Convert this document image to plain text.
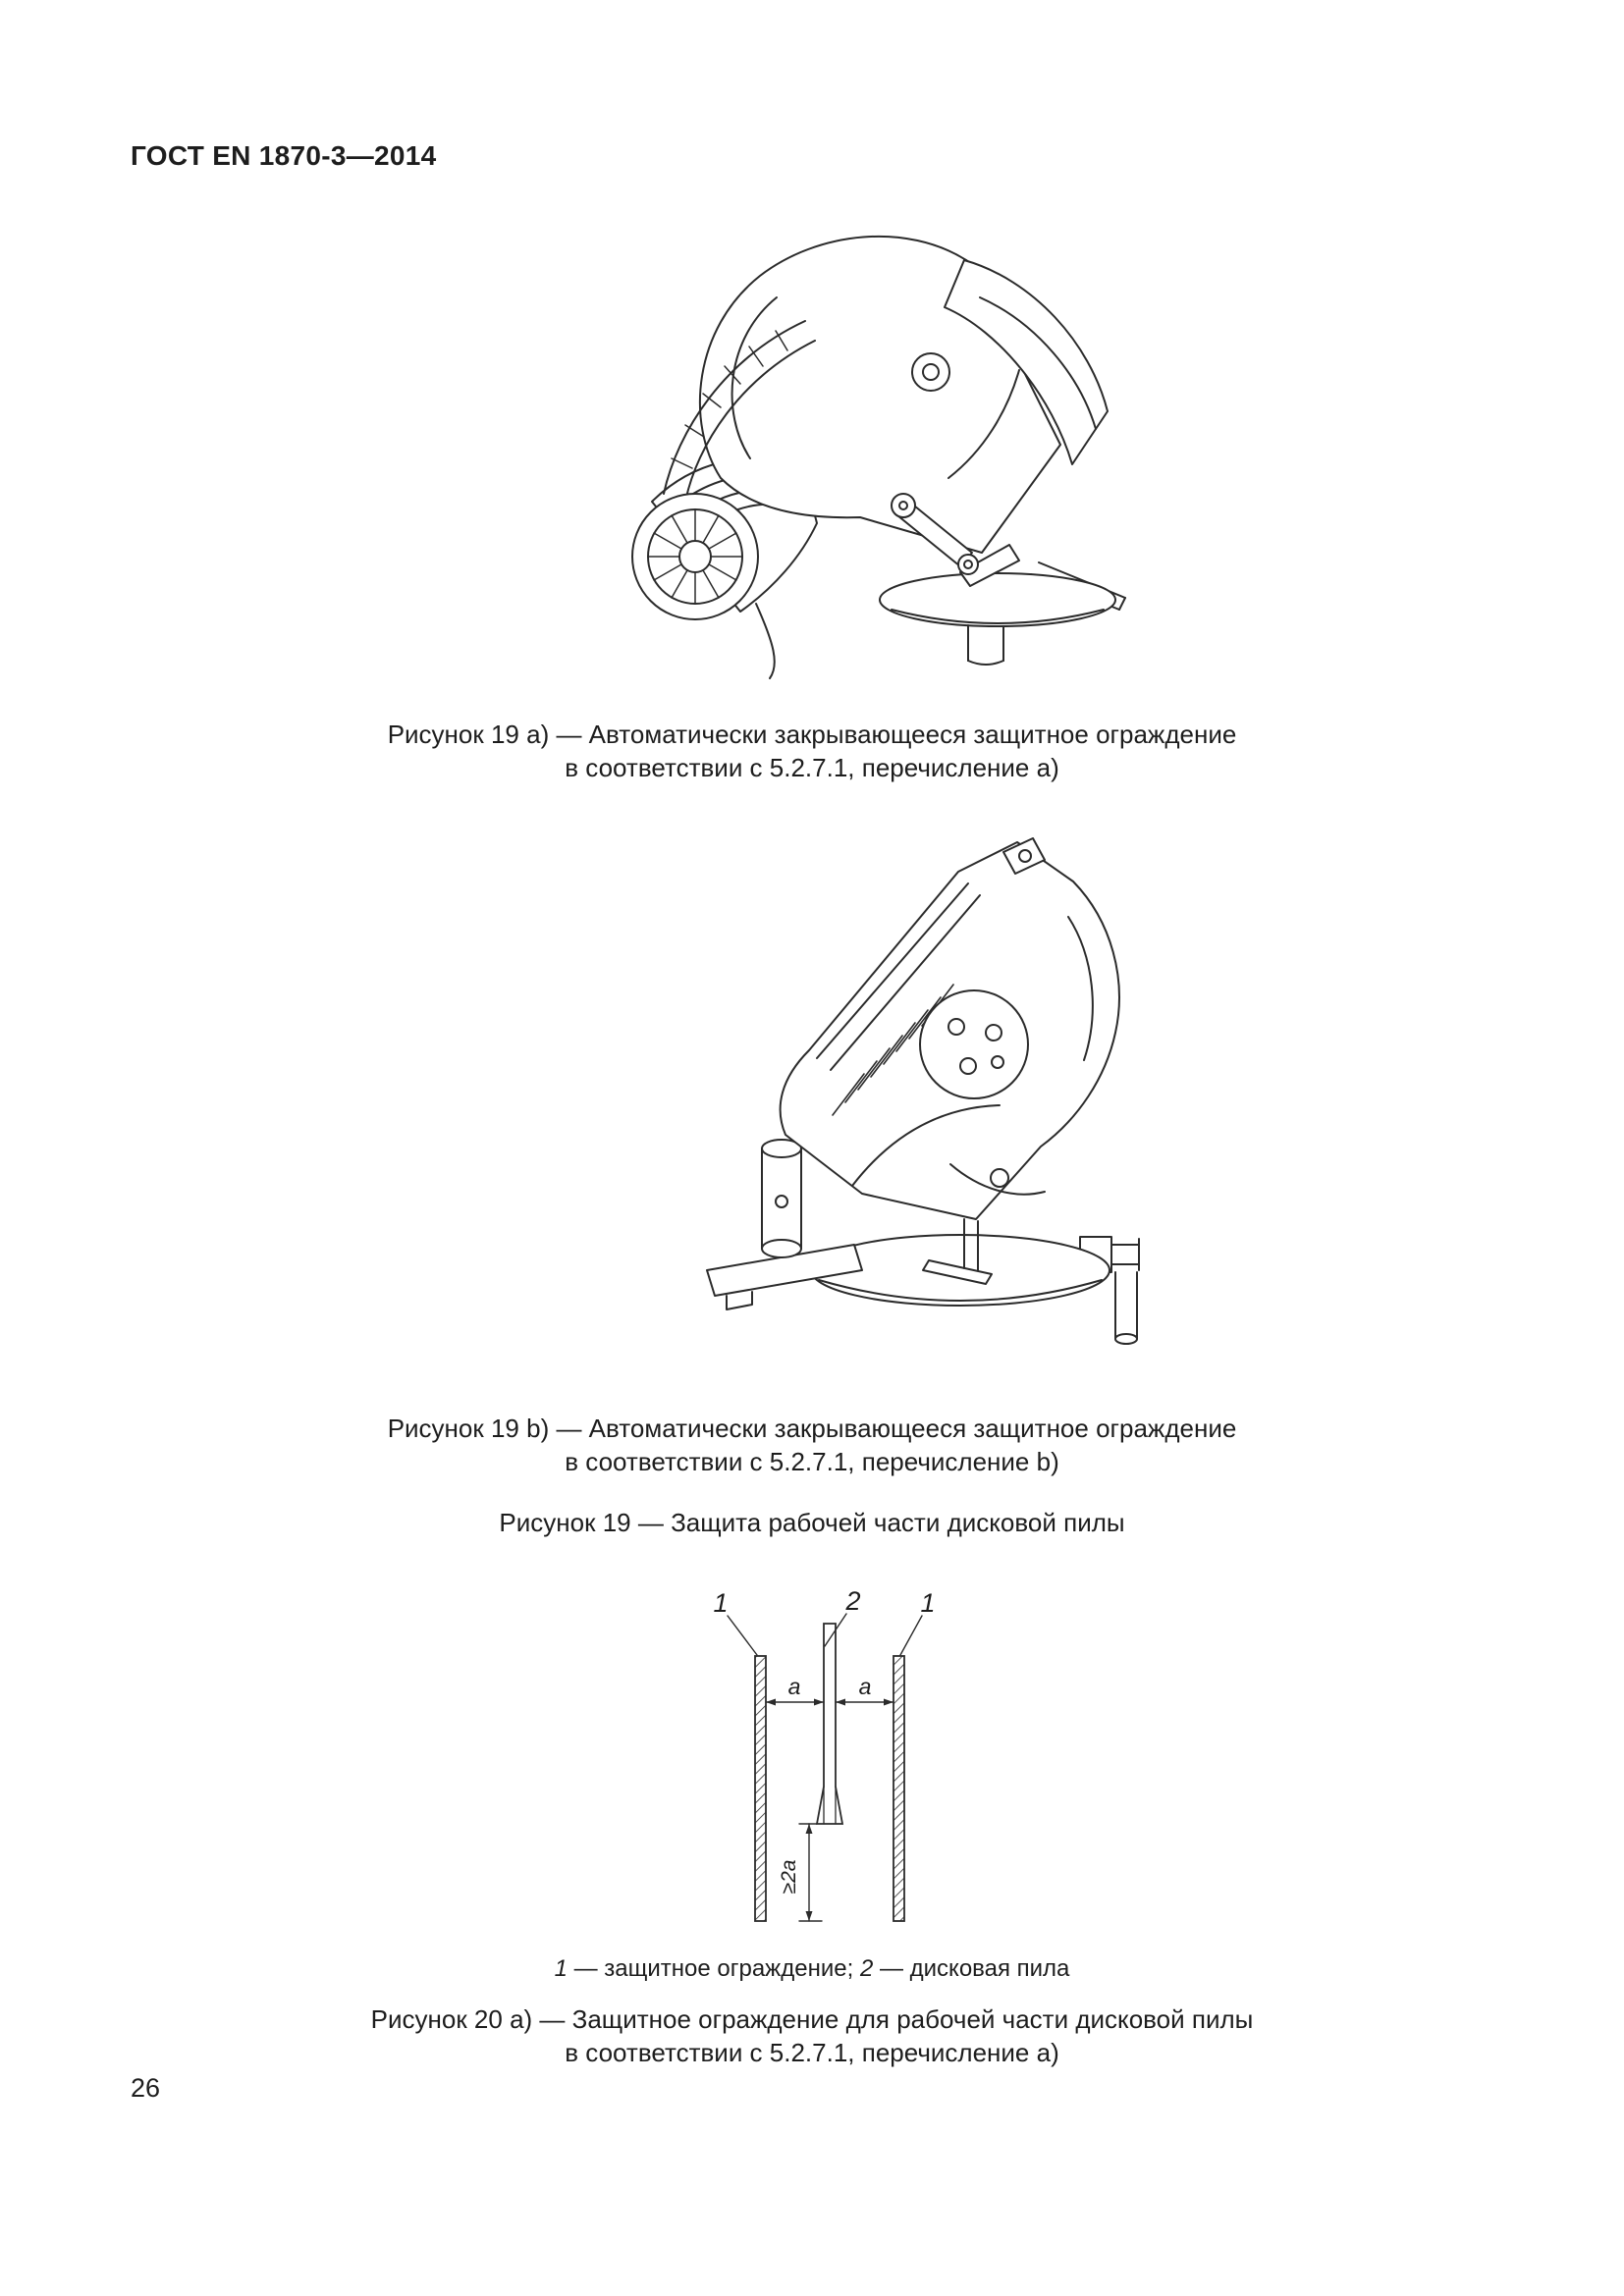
ГОСТ EN 1870-3—2014
Рисунок 19 а) — Автоматически закрывающееся защитное ограждение
в соответствии с 5.2.7.1, перечисление а)
Рисунок 19 b) — Автоматически закрывающееся защитное ограждение
в соответствии с 5.2.7.1, перечисление b)
Рисунок 19 — Защита рабочей части дисковой пилы
1	2 1
a	a
≥2a
1 — защитное ограждение; 2 — дисковая пила
Рисунок 20 а) — Защитное ограждение для рабочей части дисковой пилы
в соответствии с 5.2.7.1, перечисление а)
26
